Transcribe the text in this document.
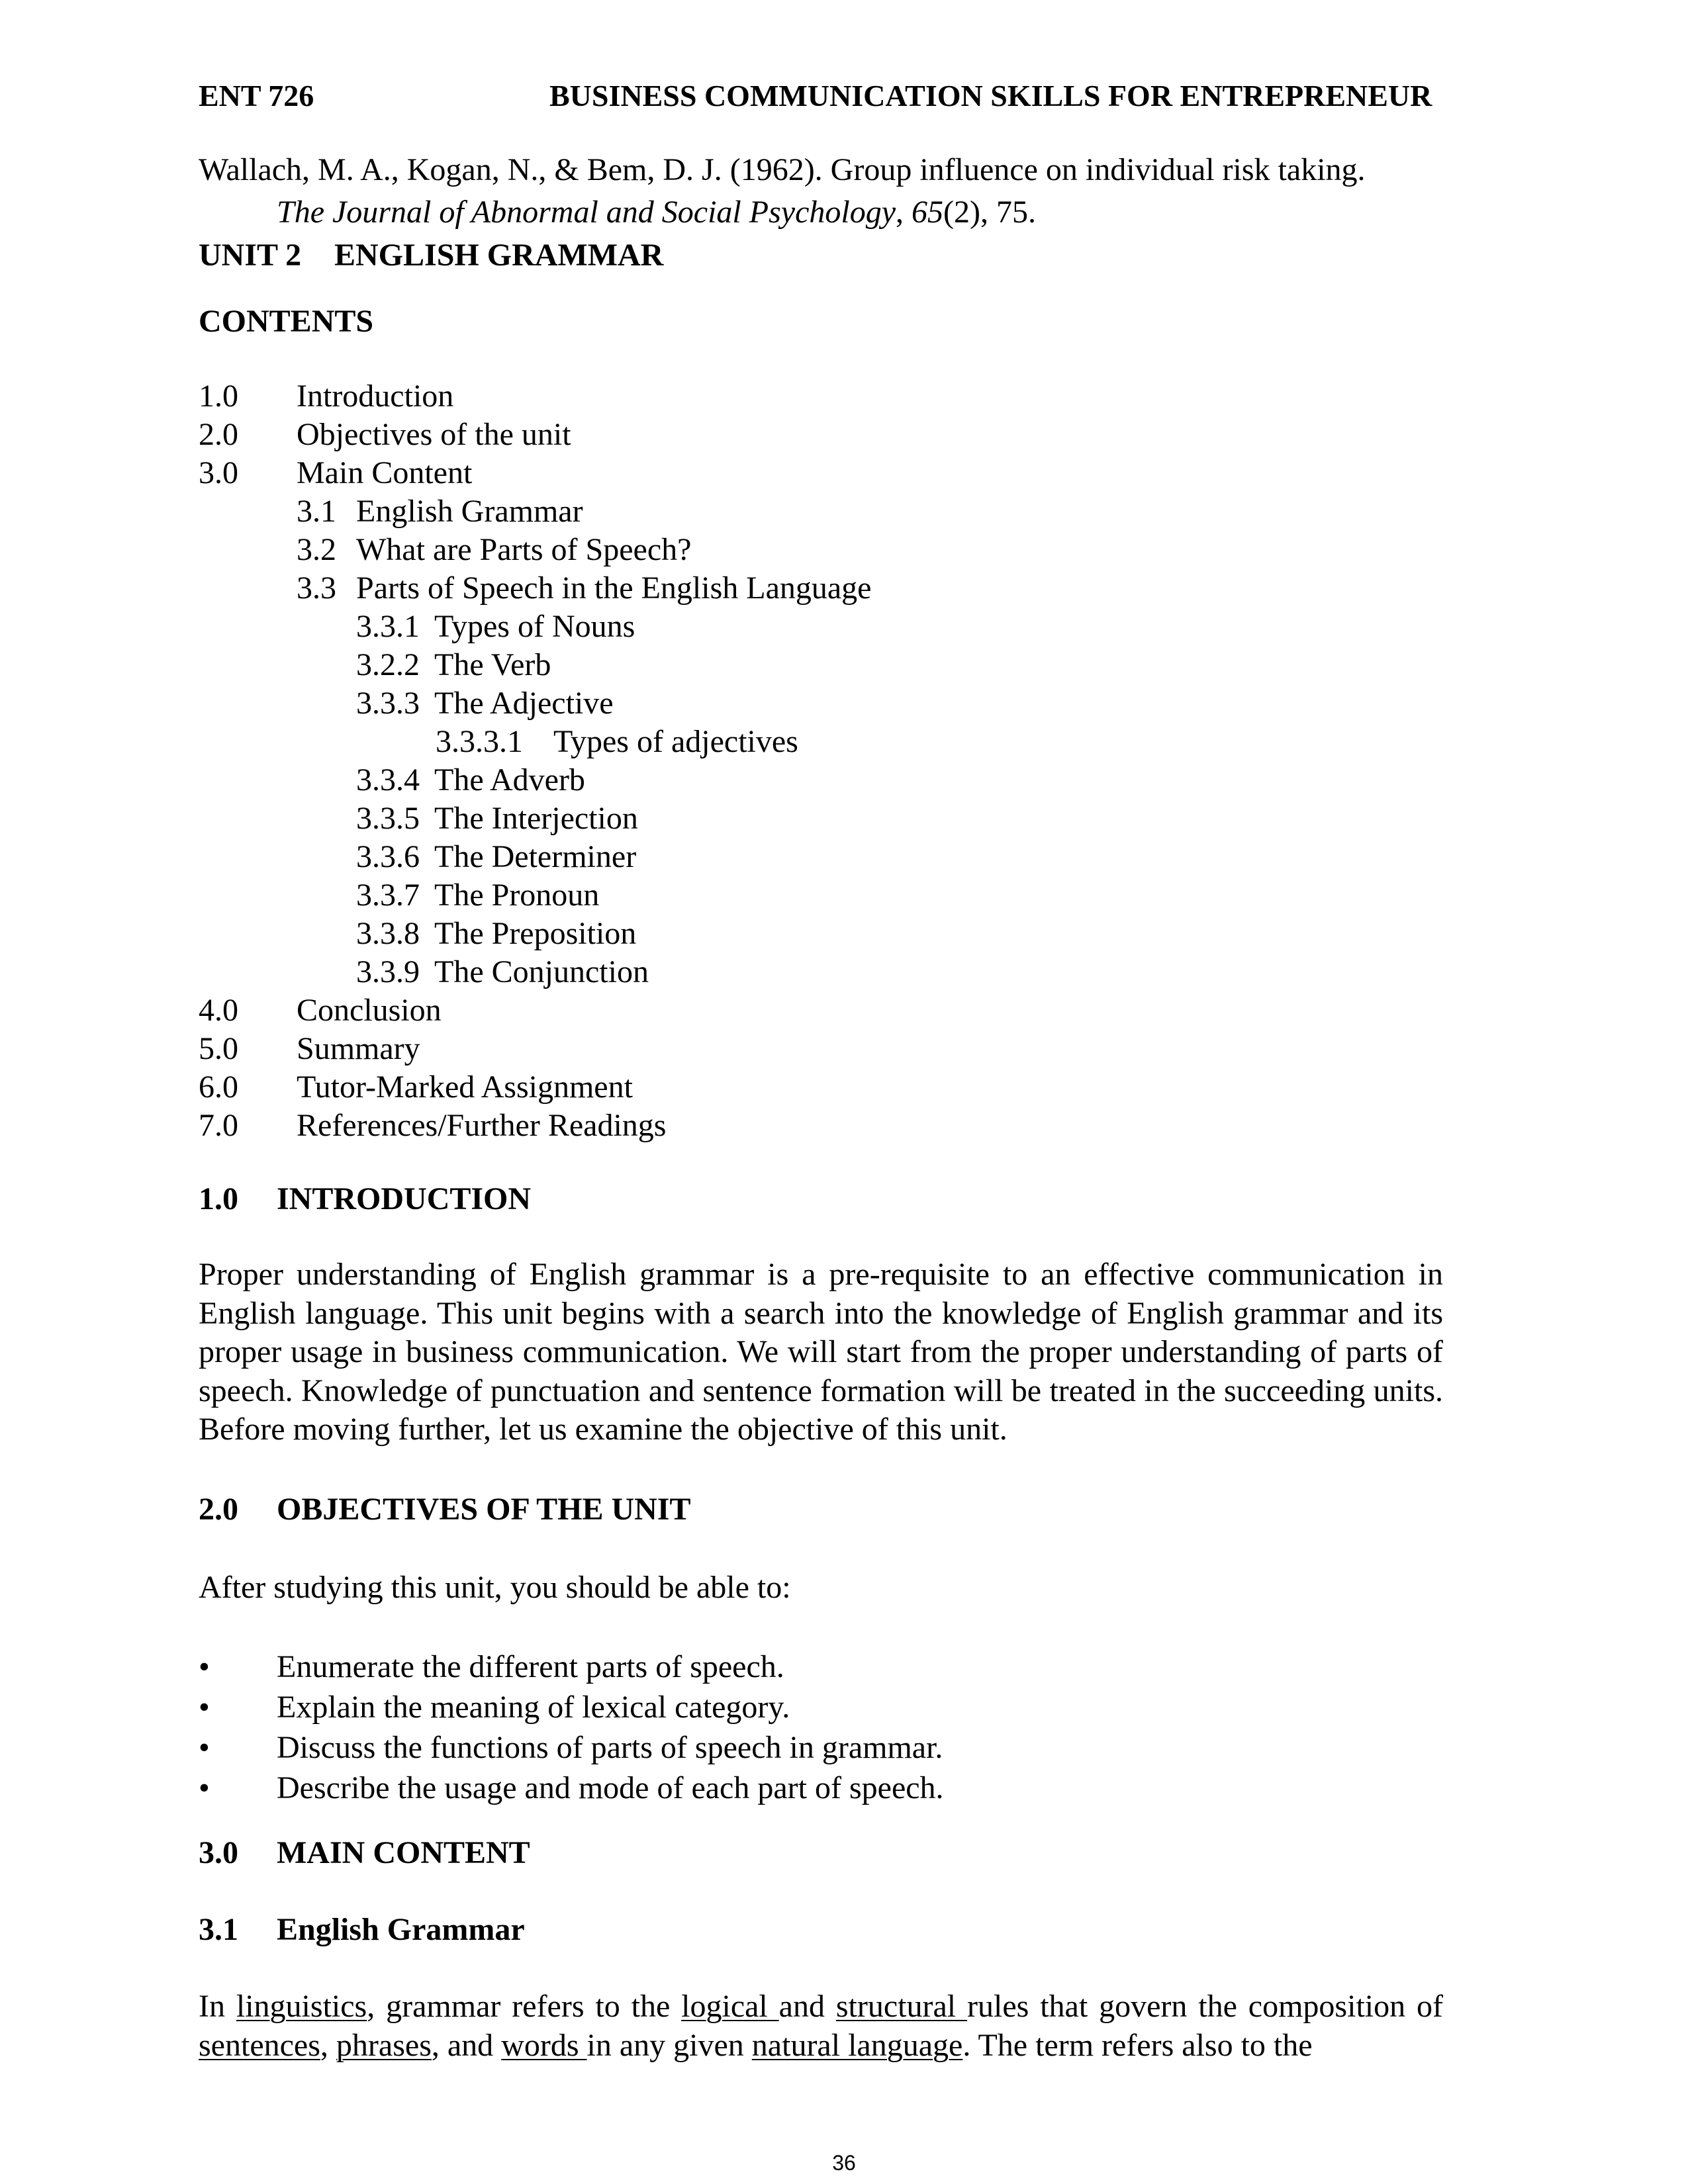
ENT 726	BUSINESS COMMUNICATION SKILLS FOR ENTREPRENEUR
Wallach, M. A., Kogan, N., & Bem, D. J. (1962). Group influence on individual risk taking.
The Journal of Abnormal and Social Psychology, 65(2), 75.
UNIT 2 ENGLISH GRAMMAR
CONTENTS
1.0 Introduction
2.0 Objectives of the unit
3.0 Main Content
3.1 English Grammar
3.2 What are Parts of Speech?
3.3 Parts of Speech in the English Language
3.3.1 Types of Nouns
3.2.2 The Verb
3.3.3 The Adjective
3.3.3.1 Types of adjectives
3.3.4 The Adverb
3.3.5 The Interjection
3.3.6 The Determiner
3.3.7 The Pronoun
3.3.8 The Preposition
3.3.9 The Conjunction
4.0 Conclusion
5.0 Summary
6.0 Tutor-Marked Assignment
7.0 References/Further Readings
1.0 INTRODUCTION
Proper understanding of English grammar is a pre-requisite to an effective communication in English language. This unit begins with a search into the knowledge of English grammar and its proper usage in business communication. We will start from the proper understanding of parts of speech. Knowledge of punctuation and sentence formation will be treated in the succeeding units. Before moving further, let us examine the objective of this unit.
2.0 OBJECTIVES OF THE UNIT
After studying this unit, you should be able to:
• Enumerate the different parts of speech.
• Explain the meaning of lexical category.
• Discuss the functions of parts of speech in grammar.
• Describe the usage and mode of each part of speech.
3.0 MAIN CONTENT
3.1 English Grammar
In linguistics, grammar refers to the logical and structural rules that govern the composition of sentences, phrases, and words in any given natural language. The term refers also to the
36
